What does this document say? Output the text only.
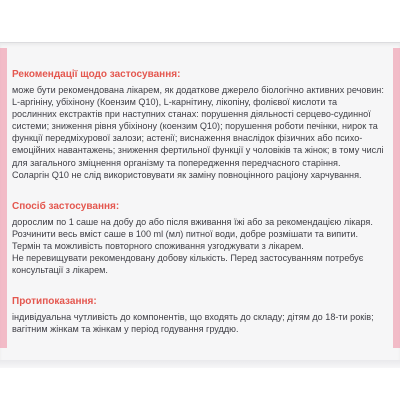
Рекомендації щодо застосування:

може бути рекомендована лікарем, як додаткове джерело біологічно активних речовин: L-аргініну, убіхінону (Коензим Q10), L-карнітину, лікопіну, фолієвої кислоти та рослинних екстрактів при наступних станах: порушення діяльності серцево-судинної системи; зниження рівня убіхінону (коензим Q10); порушення роботи печінки, нирок та функції передміхурової залози; астенії; виснаження внаслідок фізичних або психо-емоційних навантажень; зниження фертильної функції у чоловіків та жінок; в тому числі для загального зміцнення організму та попередження передчасного старіння.

Соларгін Q10 не слід використовувати як заміну повноцінного раціону харчування.

Спосіб застосування:

дорослим по 1 саше на добу до або після вживання їжі або за рекомендацією лікаря. Розчинити весь вміст саше в 100 ml (мл) питної води, добре розмішати та випити.

Термін та можливість повторного споживання узгоджувати з лікарем.

Не перевищувати рекомендовану добову кількість. Перед застосуванням потребує консультації з лікарем.

Протипоказання:

індивідуальна чутливість до компонентів, що входять до складу; дітям до 18-ти років; вагітним жінкам та жінкам у період годування груддю.
